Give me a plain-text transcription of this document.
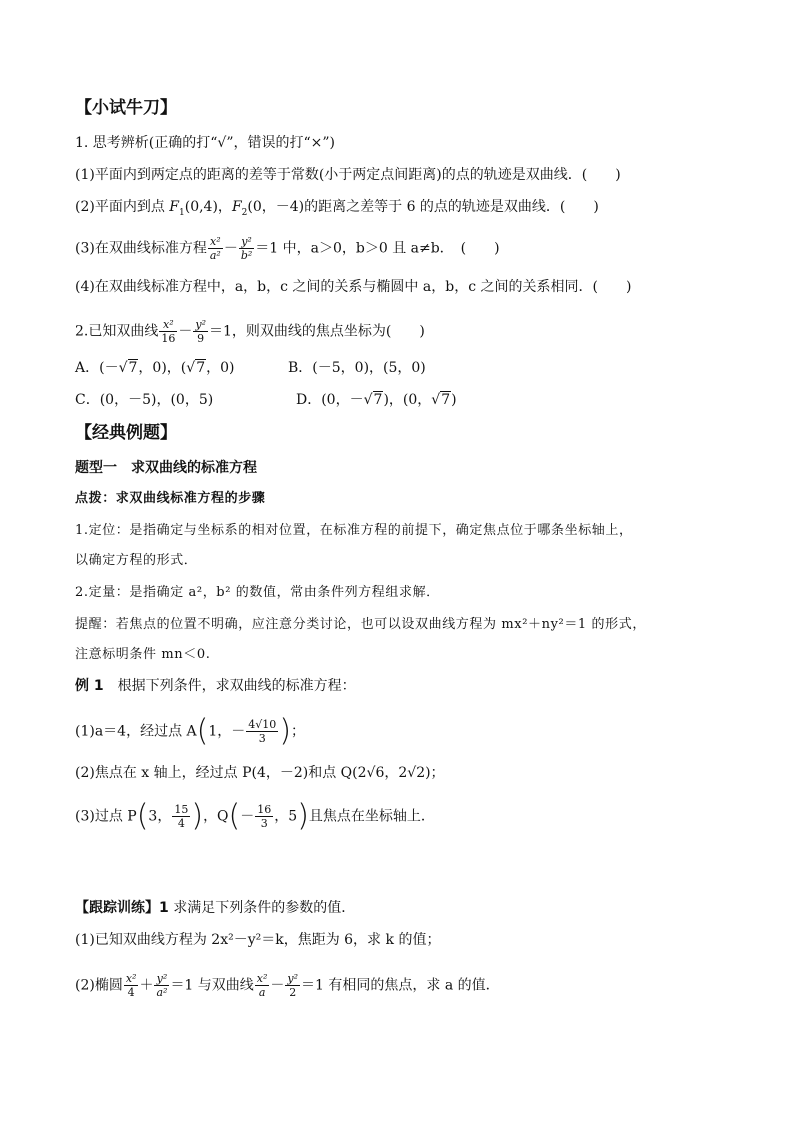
【小试牛刀】
1. 思考辨析(正确的打“√”，错误的打“×”)
(1)平面内到两定点的距离的差等于常数(小于两定点间距离)的点的轨迹是双曲线．(　　)
(2)平面内到点 $F_1(0,4)$，$F_2(0$，－4)的距离之差等于 6 的点的轨迹是双曲线．(　　)
(3)在双曲线标准方程 $\frac{\text{x²}}{\text{a²}} - \frac{\text{y²}}{\text{b²}} =1$ 中，a＞0，b＞0 且 a≠b．　(　　)
(4)在双曲线标准方程中，a，b，c 之间的关系与椭圆中 a，b，c 之间的关系相同．(　　)
2.已知双曲线 $\frac{\text{x²}}{16} - \frac{\text{y²}}{9} =1$，则双曲线的焦点坐标为(　　)
A．(－ √ 7，0)，( √ 7，0)	B．(－5，0)，(5，0)
C．(0，－5)，(0，5)	D．(0，－ √ 7)，(0， √ 7)
【经典例题】
题型一　求双曲线的标准方程
点拨：求双曲线标准方程的步骤
1.定位：是指确定与坐标系的相对位置，在标准方程的前提下，确定焦点位于哪条坐标轴上，
以确定方程的形式．
2.定量：是指确定 a²，b² 的数值，常由条件列方程组求解．
提醒：若焦点的位置不明确，应注意分类讨论，也可以设双曲线方程为 mx²＋ny²＝1 的形式，
注意标明条件 mn＜0.
例 1　根据下列条件，求双曲线的标准方程：
(1)a＝4，经过点 A(1，－ $\frac{4√10}{3}$ )；
(2)焦点在 x 轴上，经过点 P(4，－2)和点 Q(2√6，2√2)；
(3)过点 P(3， $\frac{15}{4}$ )，$Q(- \frac{16}{3}$ ，5)且焦点在坐标轴上．
【跟踪训练】1 求满足下列条件的参数的值．
(1)已知双曲线方程为 2x²－y²＝k，焦距为 6，求 k 的值；
(2)椭圆 $\frac{\text{x²}}{4} + \frac{\text{y²}}{\text{a²}} =1$ 与双曲线 $\frac{\text{x²}}{a} - \frac{\text{y²}}{2} =1$ 有相同的焦点，求 a 的值．
